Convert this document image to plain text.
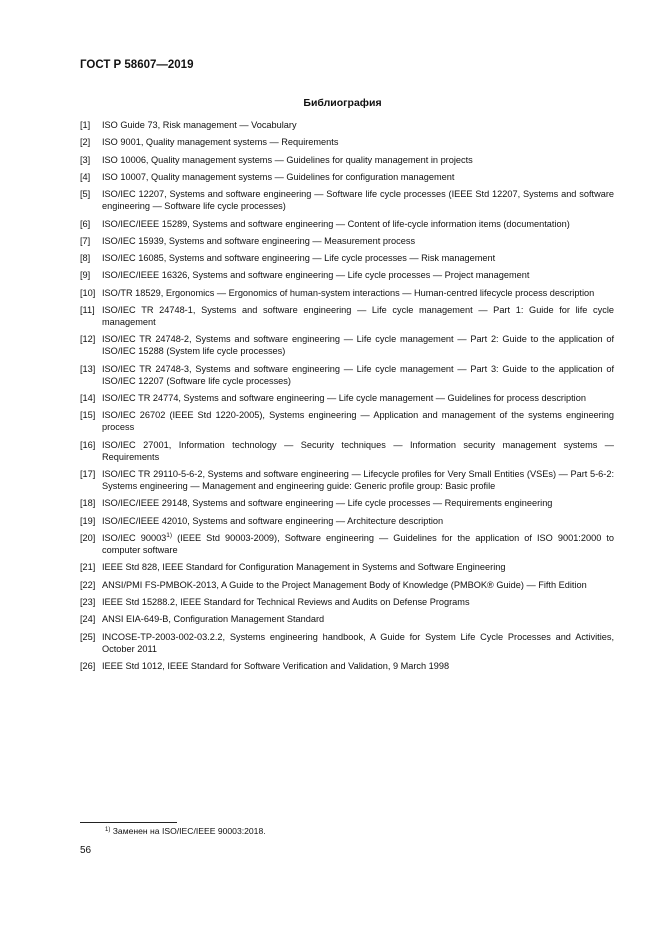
ГОСТ Р 58607—2019
Библиография
[1]	ISO Guide 73, Risk management — Vocabulary
[2]	ISO 9001, Quality management systems — Requirements
[3]	ISO 10006, Quality management systems — Guidelines for quality management in projects
[4]	ISO 10007, Quality management systems — Guidelines for configuration management
[5]	ISO/IEC 12207, Systems and software engineering — Software life cycle processes (IEEE Std 12207, Systems and software engineering — Software life cycle processes)
[6]	ISO/IEC/IEEE 15289, Systems and software engineering — Content of life-cycle information items (documentation)
[7]	ISO/IEC 15939, Systems and software engineering — Measurement process
[8]	ISO/IEC 16085, Systems and software engineering — Life cycle processes — Risk management
[9]	ISO/IEC/IEEE 16326, Systems and software engineering — Life cycle processes — Project management
[10] ISO/TR 18529, Ergonomics — Ergonomics of human-system interactions — Human-centred lifecycle process description
[11] ISO/IEC TR 24748-1, Systems and software engineering — Life cycle management — Part 1: Guide for life cycle management
[12] ISO/IEC TR 24748-2, Systems and software engineering — Life cycle management — Part 2: Guide to the application of ISO/IEC 15288 (System life cycle processes)
[13] ISO/IEC TR 24748-3, Systems and software engineering — Life cycle management — Part 3: Guide to the application of ISO/IEC 12207 (Software life cycle processes)
[14] ISO/IEC TR 24774, Systems and software engineering — Life cycle management — Guidelines for process description
[15] ISO/IEC 26702 (IEEE Std 1220-2005), Systems engineering — Application and management of the systems engineering process
[16] ISO/IEC 27001, Information technology — Security techniques — Information security management systems — Requirements
[17] ISO/IEC TR 29110-5-6-2, Systems and software engineering — Lifecycle profiles for Very Small Entities (VSEs) — Part 5-6-2: Systems engineering — Management and engineering guide: Generic profile group: Basic profile
[18] ISO/IEC/IEEE 29148, Systems and software engineering — Life cycle processes — Requirements engineering
[19] ISO/IEC/IEEE 42010, Systems and software engineering — Architecture description
[20] ISO/IEC 90003$^{1)}$ (IEEE Std 90003-2009), Software engineering — Guidelines for the application of ISO 9001:2000 to computer software
[21] IEEE Std 828, IEEE Standard for Configuration Management in Systems and Software Engineering
[22] ANSI/PMI FS-PMBOK-2013, A Guide to the Project Management Body of Knowledge (PMBOK® Guide) — Fifth Edition
[23] IEEE Std 15288.2, IEEE Standard for Technical Reviews and Audits on Defense Programs
[24] ANSI EIA-649-B, Configuration Management Standard
[25] INCOSE-TP-2003-002-03.2.2, Systems engineering handbook, A Guide for System Life Cycle Processes and Activities, October 2011
[26] IEEE Std 1012, IEEE Standard for Software Verification and Validation, 9 March 1998
$^{1)}$ Заменен на ISO/IEC/IEEE 90003:2018.
56
